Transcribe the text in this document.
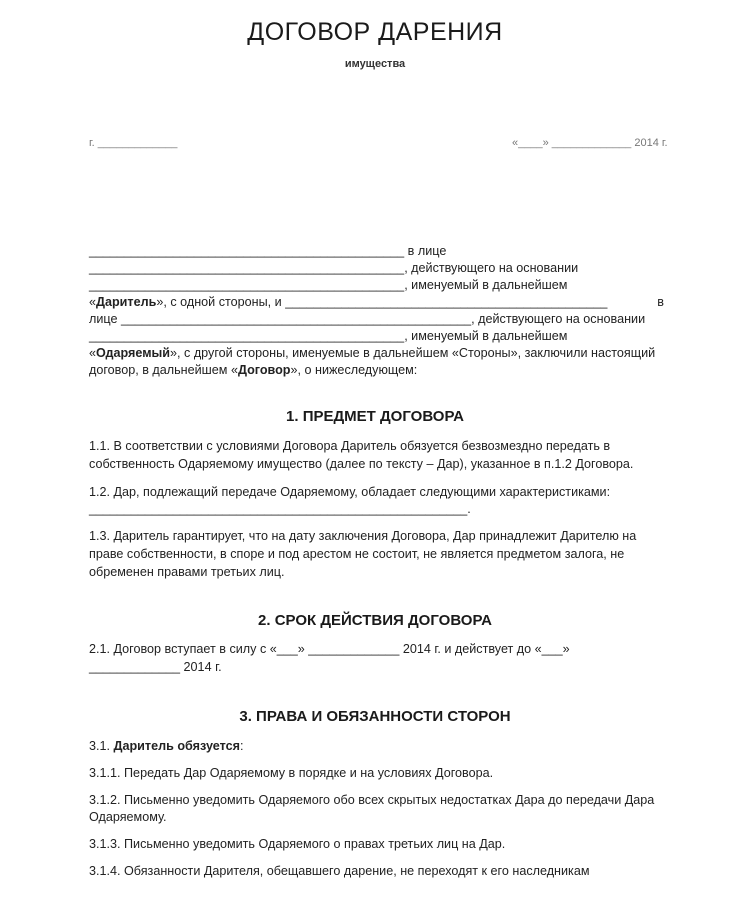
ДОГОВОР ДАРЕНИЯ
имущества
г. _____________	«____» _____________ 2014 г.
_____________________________________________ в лице
_____________________________________________, действующего на основании
_____________________________________________, именуемый в дальнейшем
«Даритель», с одной стороны, и ______________________________________________	в
лице __________________________________________________, действующего на основании
_____________________________________________, именуемый в дальнейшем
«Одаряемый», с другой стороны, именуемые в дальнейшем «Стороны», заключили настоящий
договор, в дальнейшем «Договор», о нижеследующем:
1. ПРЕДМЕТ ДОГОВОРА
1.1. В соответствии с условиями Договора Даритель обязуется безвозмездно передать в
собственность Одаряемому имущество (далее по тексту – Дар), указанное в п.1.2 Договора.
1.2. Дар, подлежащий передаче Одаряемому, обладает следующими характеристиками:
______________________________________________________.
1.3. Даритель гарантирует, что на дату заключения Договора, Дар принадлежит Дарителю на
праве собственности, в споре и под арестом не состоит, не является предметом залога, не
обременен правами третьих лиц.
2. СРОК ДЕЙСТВИЯ ДОГОВОРА
2.1. Договор вступает в силу с «___» _____________ 2014 г. и действует до «___»
_____________ 2014 г.
3. ПРАВА И ОБЯЗАННОСТИ СТОРОН
3.1. Даритель обязуется:
3.1.1. Передать Дар Одаряемому в порядке и на условиях Договора.
3.1.2. Письменно уведомить Одаряемого обо всех скрытых недостатках Дара до передачи Дара
Одаряемому.
3.1.3. Письменно уведомить Одаряемого о правах третьих лиц на Дар.
3.1.4. Обязанности Дарителя, обещавшего дарение, не переходят к его наследникам
